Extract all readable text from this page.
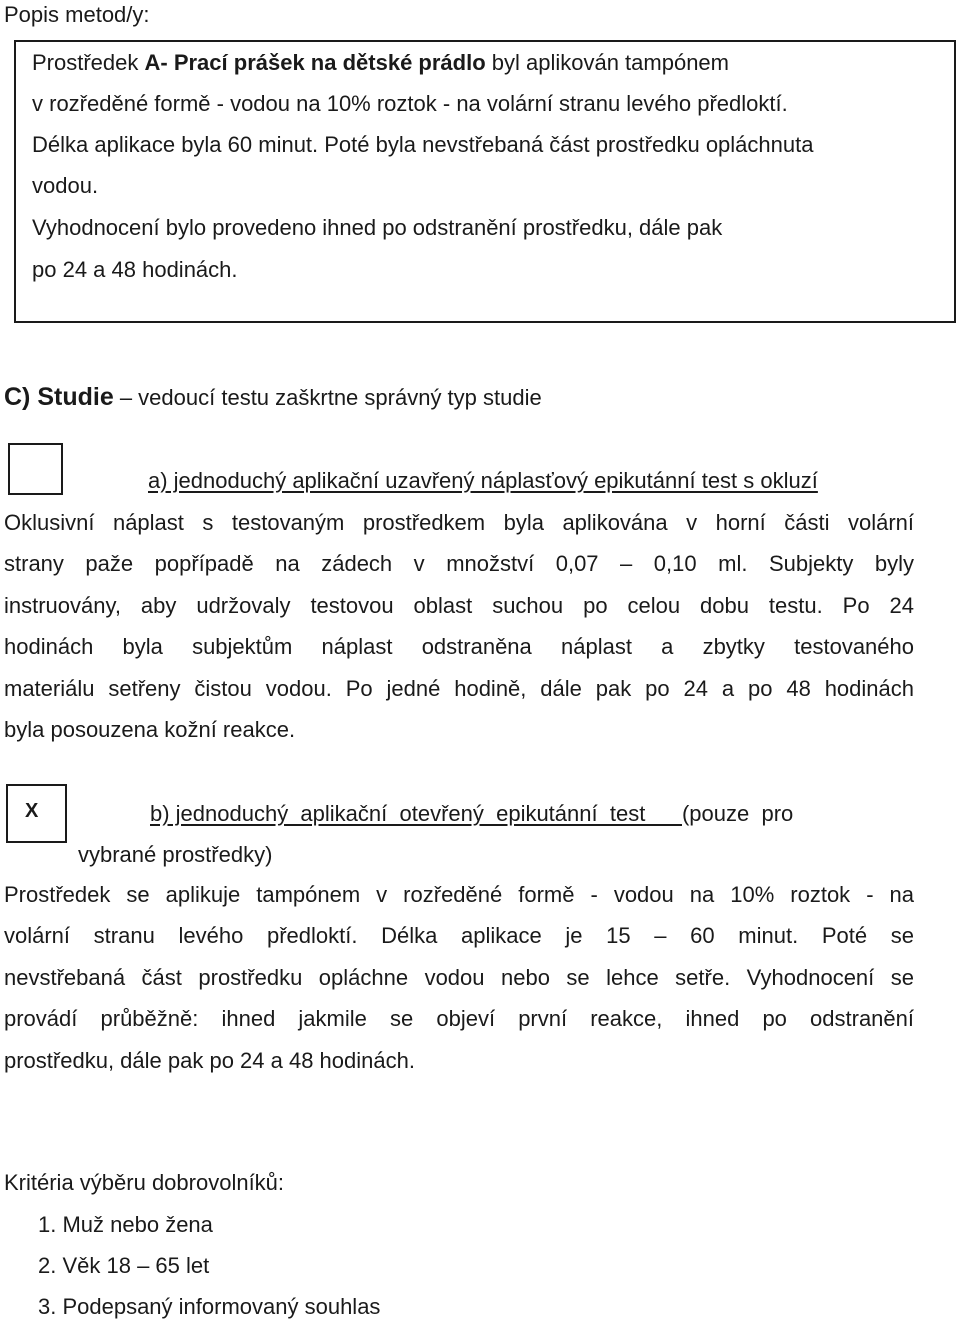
Popis metod/y:
Prostředek A- Prací prášek na dětské prádlo byl aplikován tampónem
v rozředěné formě - vodou na 10% roztok - na volární stranu levého předloktí.
Délka aplikace byla 60 minut. Poté byla nevstřebaná část prostředku opláchnuta
vodou.
Vyhodnocení bylo provedeno ihned po odstranění prostředku, dále pak
po 24 a 48 hodinách.
C) Studie – vedoucí testu zaškrtne správný typ studie
a) jednoduchý aplikační uzavřený náplasťový epikutánní test s okluzí
Oklusivní náplast s testovaným prostředkem byla aplikována v horní části volární
strany paže popřípadě na zádech v množství 0,07 – 0,10 ml. Subjekty byly
instruovány, aby udržovaly testovou oblast suchou po celou dobu testu. Po 24
hodinách byla subjektům náplast odstraněna náplast a zbytky testovaného
materiálu setřeny čistou vodou. Po jedné hodině, dále pak po 24 a po 48 hodinách
byla posouzena kožní reakce.
X	b) jednoduchý  aplikační  otevřený  epikutánní  test      (pouze  pro
vybrané prostředky)
Prostředek se aplikuje tampónem v rozředěné formě - vodou na 10% roztok - na
volární stranu levého předloktí. Délka aplikace je 15 – 60 minut. Poté se
nevstřebaná část prostředku opláchne vodou nebo se lehce setře. Vyhodnocení se
provádí průběžně: ihned jakmile se objeví první reakce, ihned po odstranění
prostředku, dále pak po 24 a 48 hodinách.
Kritéria výběru dobrovolníků:
1. Muž nebo žena
2. Věk 18 – 65 let
3. Podepsaný informovaný souhlas
